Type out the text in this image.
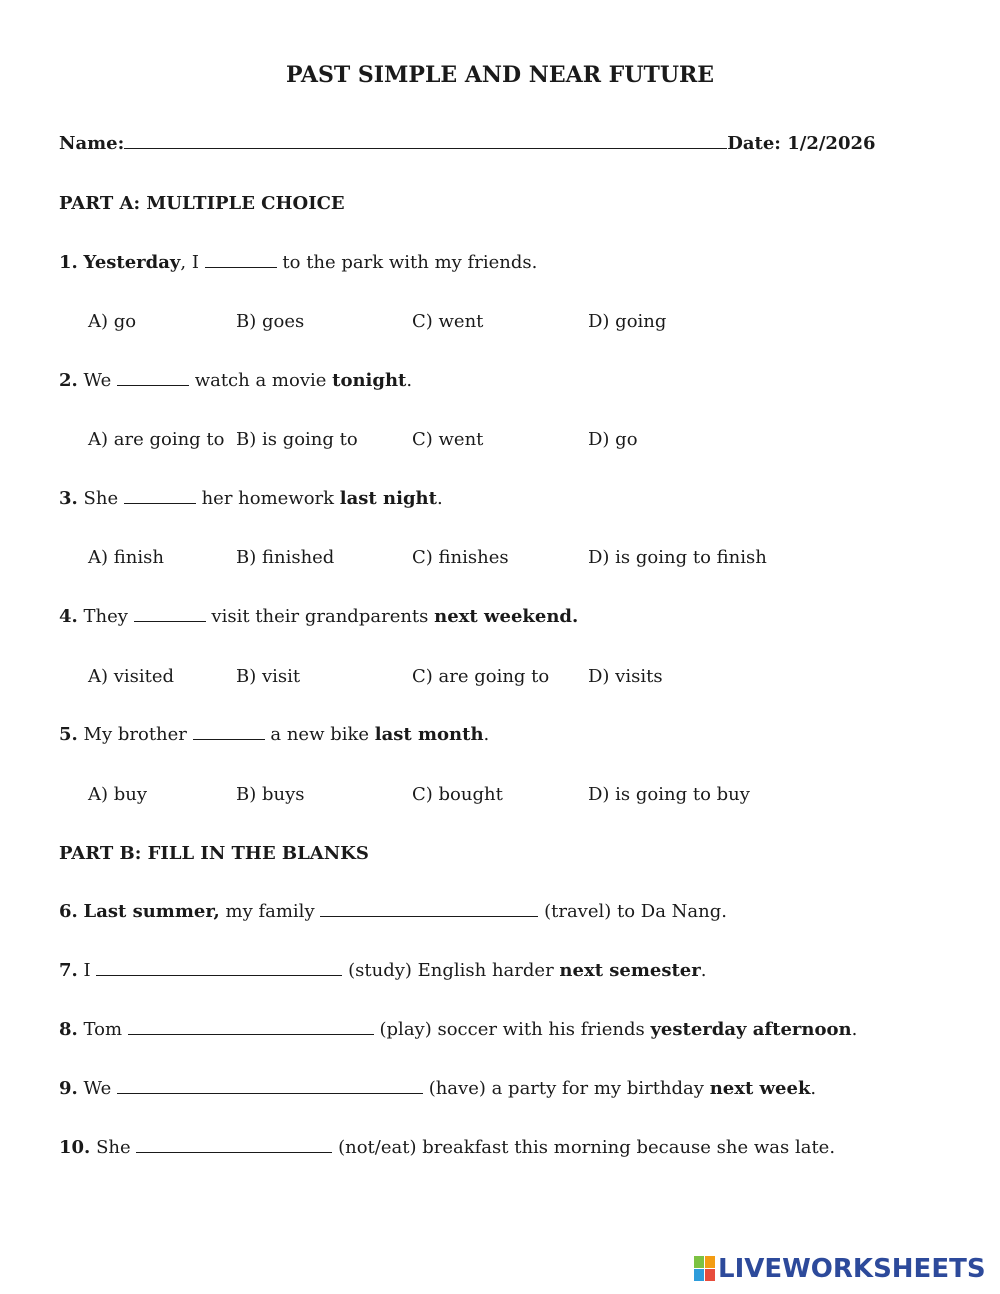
PAST SIMPLE AND NEAR FUTURE
Name:	Date: 1/2/2026
PART A: MULTIPLE CHOICE
1. Yesterday, I	to the park with my friends.
A) go	B) goes	C) went	D) going
2. We	watch a movie tonight.
A) are going to B) is going to	C) went	D) go
3. She	her homework last night.
A) finish	B) finished	C) finishes	D) is going to finish
4. They	visit their grandparents next weekend.
A) visited	B) visit	C) are going to D) visits
5. My brother	a new bike last month.
A) buy	B) buys	C) bought	D) is going to buy
PART B: FILL IN THE BLANKS
6. Last summer, my family	(travel) to Da Nang.
7. I	(study) English harder next semester.
8. Tom	(play) soccer with his friends yesterday afternoon.
9. We	(have) a party for my birthday next week.
10. She	(not/eat) breakfast this morning because she was late.
LIVEWORKSHEETS
